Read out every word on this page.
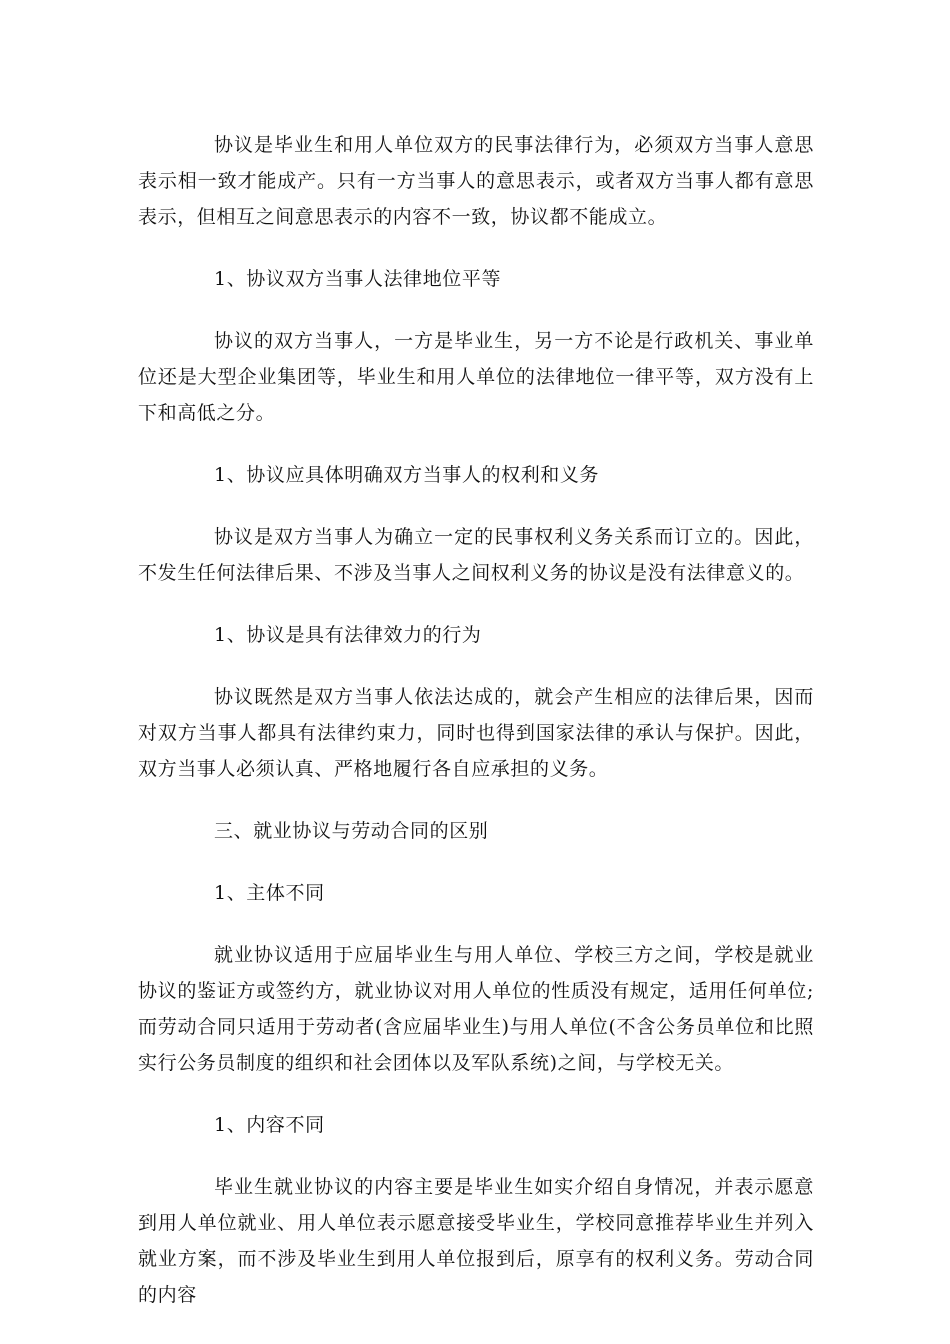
协议是毕业生和用人单位双方的民事法律行为，必须双方当事人意思表示相一致才能成产。只有一方当事人的意思表示，或者双方当事人都有意思表示，但相互之间意思表示的内容不一致，协议都不能成立。

1、协议双方当事人法律地位平等

协议的双方当事人，一方是毕业生，另一方不论是行政机关、事业单位还是大型企业集团等，毕业生和用人单位的法律地位一律平等，双方没有上下和高低之分。

1、协议应具体明确双方当事人的权利和义务

协议是双方当事人为确立一定的民事权利义务关系而订立的。因此，不发生任何法律后果、不涉及当事人之间权利义务的协议是没有法律意义的。

1、协议是具有法律效力的行为

协议既然是双方当事人依法达成的，就会产生相应的法律后果，因而对双方当事人都具有法律约束力，同时也得到国家法律的承认与保护。因此，双方当事人必须认真、严格地履行各自应承担的义务。

三、就业协议与劳动合同的区别

1、主体不同

就业协议适用于应届毕业生与用人单位、学校三方之间，学校是就业协议的鉴证方或签约方，就业协议对用人单位的性质没有规定，适用任何单位;而劳动合同只适用于劳动者(含应届毕业生)与用人单位(不含公务员单位和比照实行公务员制度的组织和社会团体以及军队系统)之间，与学校无关。

1、内容不同

毕业生就业协议的内容主要是毕业生如实介绍自身情况，并表示愿意到用人单位就业、用人单位表示愿意接受毕业生，学校同意推荐毕业生并列入就业方案，而不涉及毕业生到用人单位报到后，原享有的权利义务。劳动合同的内容
